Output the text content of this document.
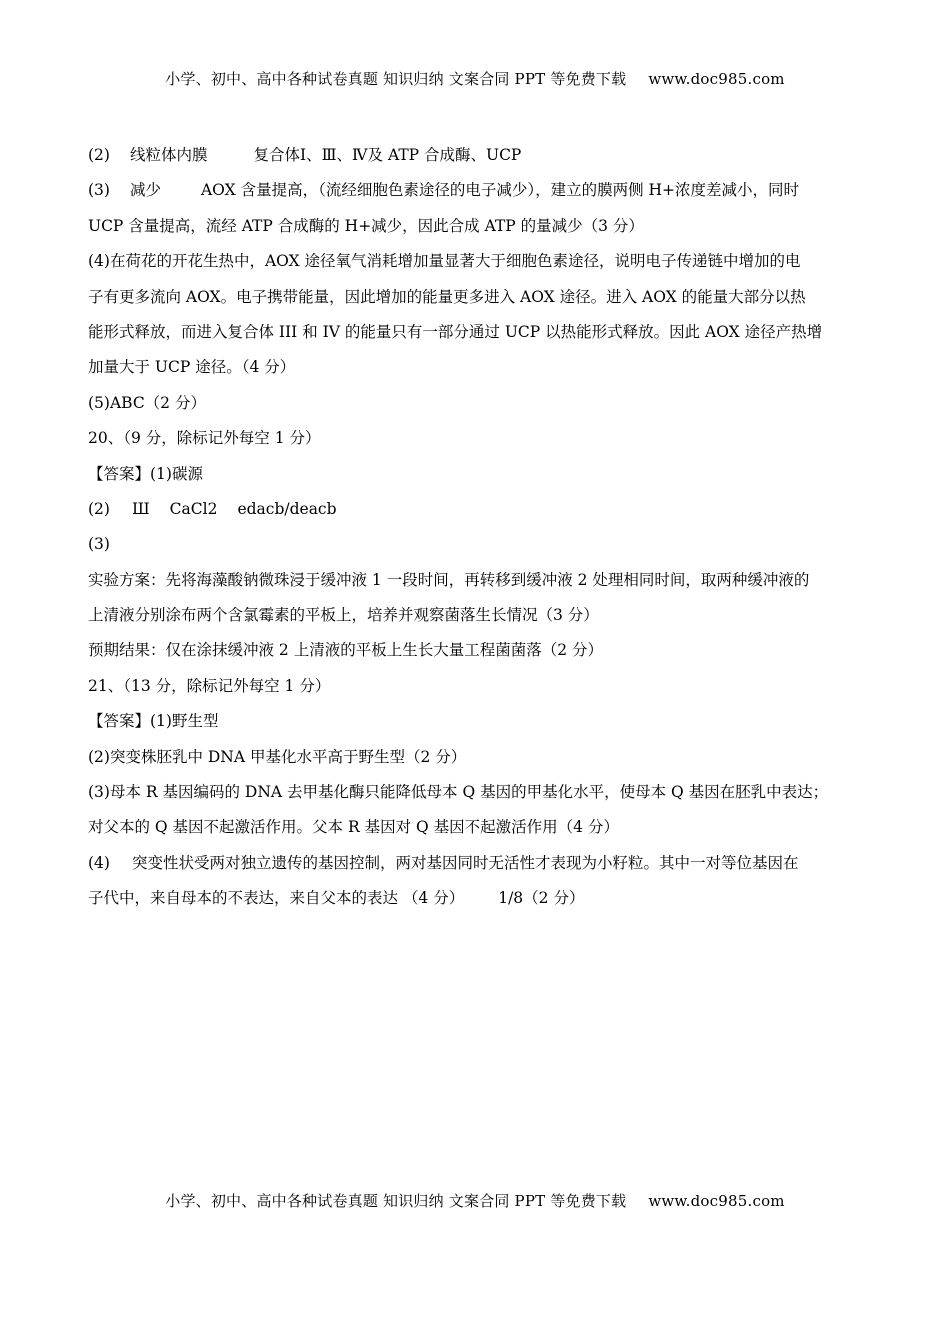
小学、初中、高中各种试卷真题 知识归纳 文案合同 PPT 等免费下载 www.doc985.com
(2) 线粒体内膜	复合体Ⅰ、Ⅲ、Ⅳ及 ATP 合成酶、UCP
(3) 减少	AOX 含量提高，（流经细胞色素途径的电子减少），建立的膜两侧 H+浓度差减小，同时
UCP 含量提高，流经 ATP 合成酶的 H+减少，因此合成 ATP 的量减少（3 分）
(4)在荷花的开花生热中，AOX 途径氧气消耗增加量显著大于细胞色素途径，说明电子传递链中增加的电
子有更多流向 AOX。电子携带能量，因此增加的能量更多进入 AOX 途径。进入 AOX 的能量大部分以热
能形式释放，而进入复合体 III 和 IV 的能量只有一部分通过 UCP 以热能形式释放。因此 AOX 途径产热增
加量大于 UCP 途径。（4 分）
(5)ABC（2 分）
20、（9 分，除标记外每空 1 分）
【答案】(1)碳源
(2) Ш CaCl2 edacb/deacb
(3)
实验方案：先将海藻酸钠微珠浸于缓冲液 1 一段时间，再转移到缓冲液 2 处理相同时间，取两种缓冲液的
上清液分别涂布两个含氯霉素的平板上，培养并观察菌落生长情况（3 分）
预期结果：仅在涂抹缓冲液 2 上清液的平板上生长大量工程菌菌落（2 分）
21、（13 分，除标记外每空 1 分）
【答案】(1)野生型
(2)突变株胚乳中 DNA 甲基化水平高于野生型（2 分）
(3)母本 R 基因编码的 DNA 去甲基化酶只能降低母本 Q 基因的甲基化水平，使母本 Q 基因在胚乳中表达；
对父本的 Q 基因不起激活作用。父本 R 基因对 Q 基因不起激活作用（4 分）
(4) 突变性状受两对独立遗传的基因控制，两对基因同时无活性才表现为小籽粒。其中一对等位基因在
子代中，来自母本的不表达，来自父本的表达 （4 分） 1/8（2 分）
小学、初中、高中各种试卷真题 知识归纳 文案合同 PPT 等免费下载 www.doc985.com
